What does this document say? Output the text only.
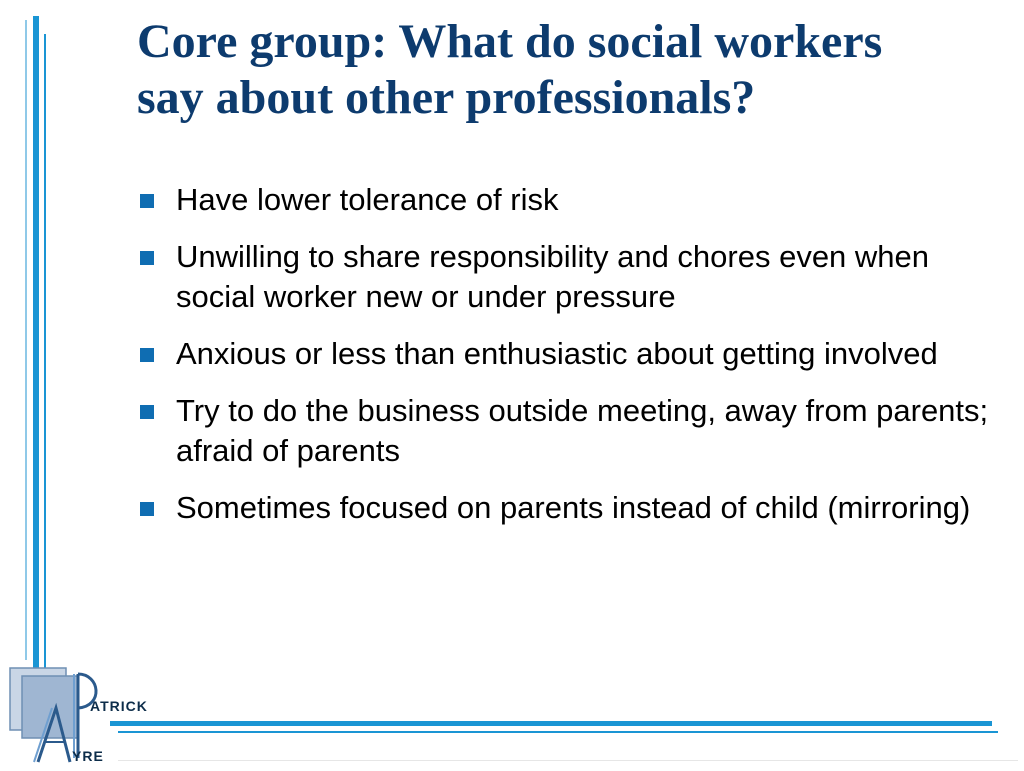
Core group: What do social workers
say about other professionals?
Have lower tolerance of risk
Unwilling to share responsibility and chores even when social worker new or under pressure
Anxious or less than enthusiastic about getting involved
Try to do the business outside meeting, away from parents; afraid of parents
Sometimes focused on parents instead of child (mirroring)
ATRICK
YRE
